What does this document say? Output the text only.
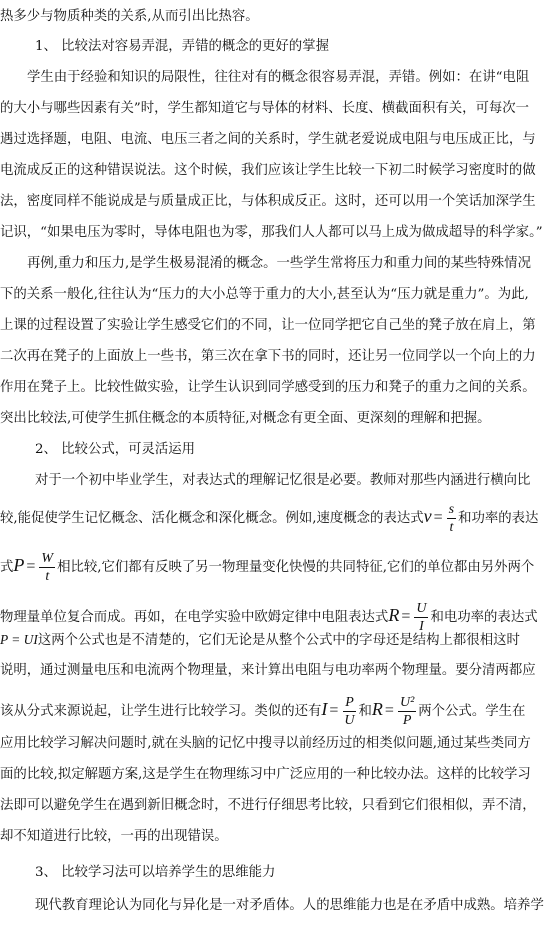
热多少与物质种类的关系,从而引出比热容。
1、 比较法对容易弄混，弄错的概念的更好的掌握
学生由于经验和知识的局限性，往往对有的概念很容易弄混，弄错。例如：在讲“电阻
的大小与哪些因素有关”时，学生都知道它与导体的材料、长度、横截面积有关，可每次一
遇过选择题，电阻、电流、电压三者之间的关系时，学生就老爱说成电阻与电压成正比，与
电流成反正的这种错误说法。这个时候，我们应该让学生比较一下初二时候学习密度时的做
法，密度同样不能说成是与质量成正比，与体积成反正。这时，还可以用一个笑话加深学生
记识，“如果电压为零时，导体电阻也为零，那我们人人都可以马上成为做成超导的科学家。”
再例,重力和压力,是学生极易混淆的概念。一些学生常将压力和重力间的某些特殊情况
下的关系一般化,往往认为“压力的大小总等于重力的大小,甚至认为“压力就是重力”。为此,
上课的过程设置了实验让学生感受它们的不同，让一位同学把它自己坐的凳子放在肩上，第
二次再在凳子的上面放上一些书，第三次在拿下书的同时，还让另一位同学以一个向上的力
作用在凳子上。比较性做实验，让学生认识到同学感受到的压力和凳子的重力之间的关系。
突出比较法,可使学生抓住概念的本质特征,对概念有更全面、更深刻的理解和把握。
2、 比较公式，可灵活运用
对于一个初中毕业学生，对表达式的理解记忆很是必要。教师对那些内涵进行横向比
较,能促使学生记忆概念、活化概念和深化概念。例如,速度概念的表达式$v = \frac{s}{t}$ 和功率的表达
式$P = \frac{W}{t}$ 相比较,它们都有反映了另一物理量变化快慢的共同特征,它们的单位都由另外两个
物理量单位复合而成。再如，在电学实验中欧姆定律中电阻表达式$R = \frac{U}{I}$ 和电功率的表达式
P = UI这两个公式也是不清楚的，它们无论是从整个公式中的字母还是结构上都很相这时
说明，通过测量电压和电流两个物理量，来计算出电阻与电功率两个物理量。要分清两都应
该从分式来源说起，让学生进行比较学习。类似的还有$I = \frac{P}{U}$ 和$R = \frac{\text{U²}}{P}$ 两个公式。学生在
应用比较学习解决问题时,就在头脑的记忆中搜寻以前经历过的相类似问题,通过某些类同方
面的比较,拟定解题方案,这是学生在物理练习中广泛应用的一种比较办法。这样的比较学习
法即可以避免学生在遇到新旧概念时，不进行仔细思考比较，只看到它们很相似，弄不清，
却不知道进行比较，一再的出现错误。
3、 比较学习法可以培养学生的思维能力
现代教育理论认为同化与异化是一对矛盾体。人的思维能力也是在矛盾中成熟。培养学
